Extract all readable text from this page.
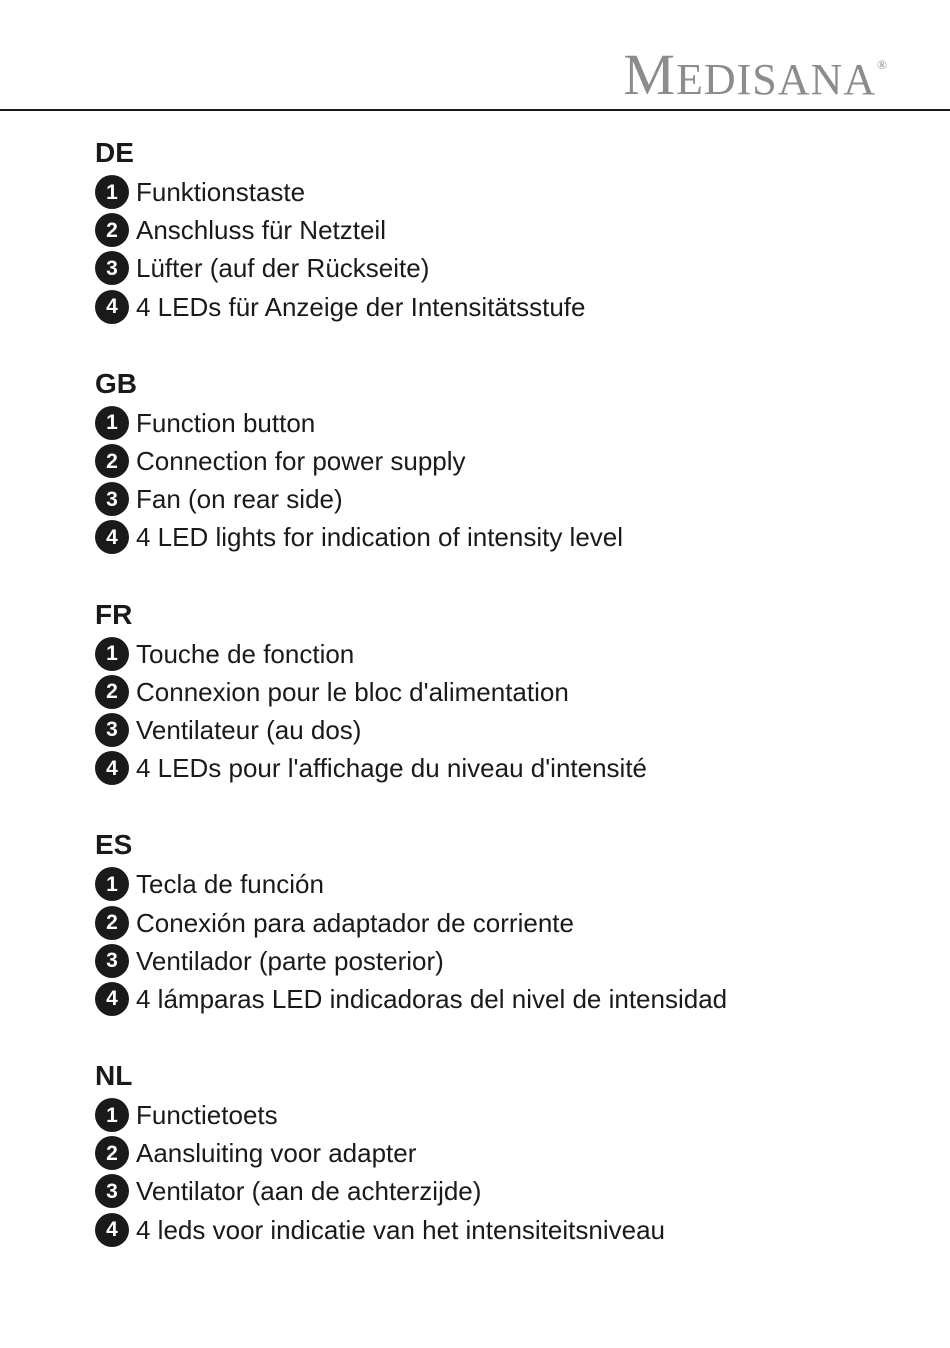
MEDISANA®
DE
1 Funktionstaste
2 Anschluss für Netzteil
3 Lüfter (auf der Rückseite)
4 4 LEDs für Anzeige der Intensitätsstufe
GB
1 Function button
2 Connection for power supply
3 Fan (on rear side)
4 4 LED lights for indication of intensity level
FR
1 Touche de fonction
2 Connexion pour le bloc d'alimentation
3 Ventilateur (au dos)
4 4 LEDs pour l'affichage du niveau d'intensité
ES
1 Tecla de función
2 Conexión para adaptador de corriente
3 Ventilador (parte posterior)
4 4 lámparas LED indicadoras del nivel de intensidad
NL
1 Functietoets
2 Aansluiting voor adapter
3 Ventilator (aan de achterzijde)
4 4 leds voor indicatie van het intensiteitsniveau
